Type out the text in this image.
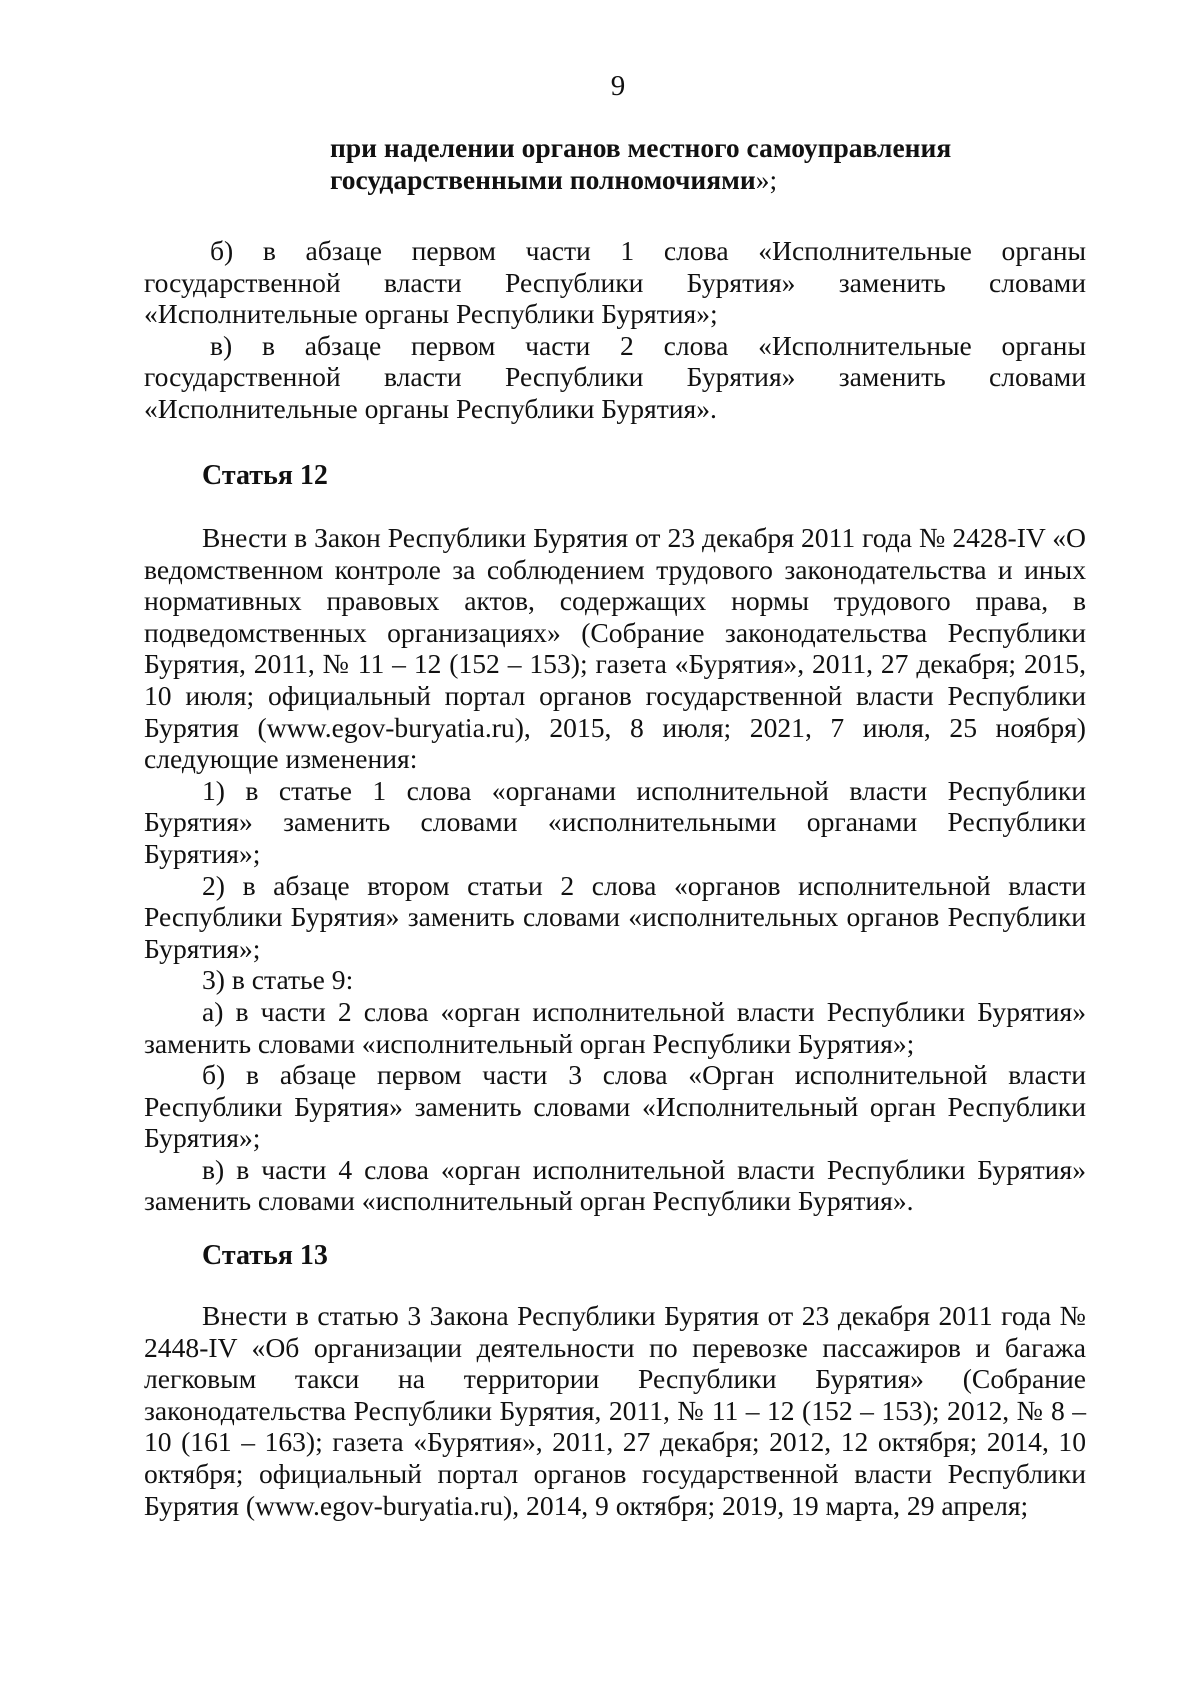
9
при наделении органов местного самоуправления
государственными полномочиями»;

б) в абзаце первом части 1 слова «Исполнительные органы государственной власти Республики Бурятия» заменить словами «Исполнительные органы Республики Бурятия»;

в) в абзаце первом части 2 слова «Исполнительные органы государственной власти Республики Бурятия» заменить словами «Исполнительные органы Республики Бурятия».

Статья 12

Внести в Закон Республики Бурятия от 23 декабря 2011 года № 2428-IV «О ведомственном контроле за соблюдением трудового законодательства и иных нормативных правовых актов, содержащих нормы трудового права, в подведомственных организациях» (Собрание законодательства Республики Бурятия, 2011, № 11 – 12 (152 – 153); газета «Бурятия», 2011, 27 декабря; 2015, 10 июля; официальный портал органов государственной власти Республики Бурятия (www.egov-buryatia.ru), 2015, 8 июля; 2021, 7 июля, 25 ноября) следующие изменения:

1) в статье 1 слова «органами исполнительной власти Республики Бурятия» заменить словами «исполнительными органами Республики Бурятия»;

2) в абзаце втором статьи 2 слова «органов исполнительной власти Республики Бурятия» заменить словами «исполнительных органов Республики Бурятия»;

3) в статье 9:

а) в части 2 слова «орган исполнительной власти Республики Бурятия» заменить словами «исполнительный орган Республики Бурятия»;

б) в абзаце первом части 3 слова «Орган исполнительной власти Республики Бурятия» заменить словами «Исполнительный орган Республики Бурятия»;

в) в части 4 слова «орган исполнительной власти Республики Бурятия» заменить словами «исполнительный орган Республики Бурятия».

Статья 13

Внести в статью 3 Закона Республики Бурятия от 23 декабря 2011 года № 2448-IV «Об организации деятельности по перевозке пассажиров и багажа легковым такси на территории Республики Бурятия» (Собрание законодательства Республики Бурятия, 2011, № 11 – 12 (152 – 153); 2012, № 8 – 10 (161 – 163); газета «Бурятия», 2011, 27 декабря; 2012, 12 октября; 2014, 10 октября; официальный портал органов государственной власти Республики Бурятия (www.egov-buryatia.ru), 2014, 9 октября; 2019, 19 марта, 29 апреля;
